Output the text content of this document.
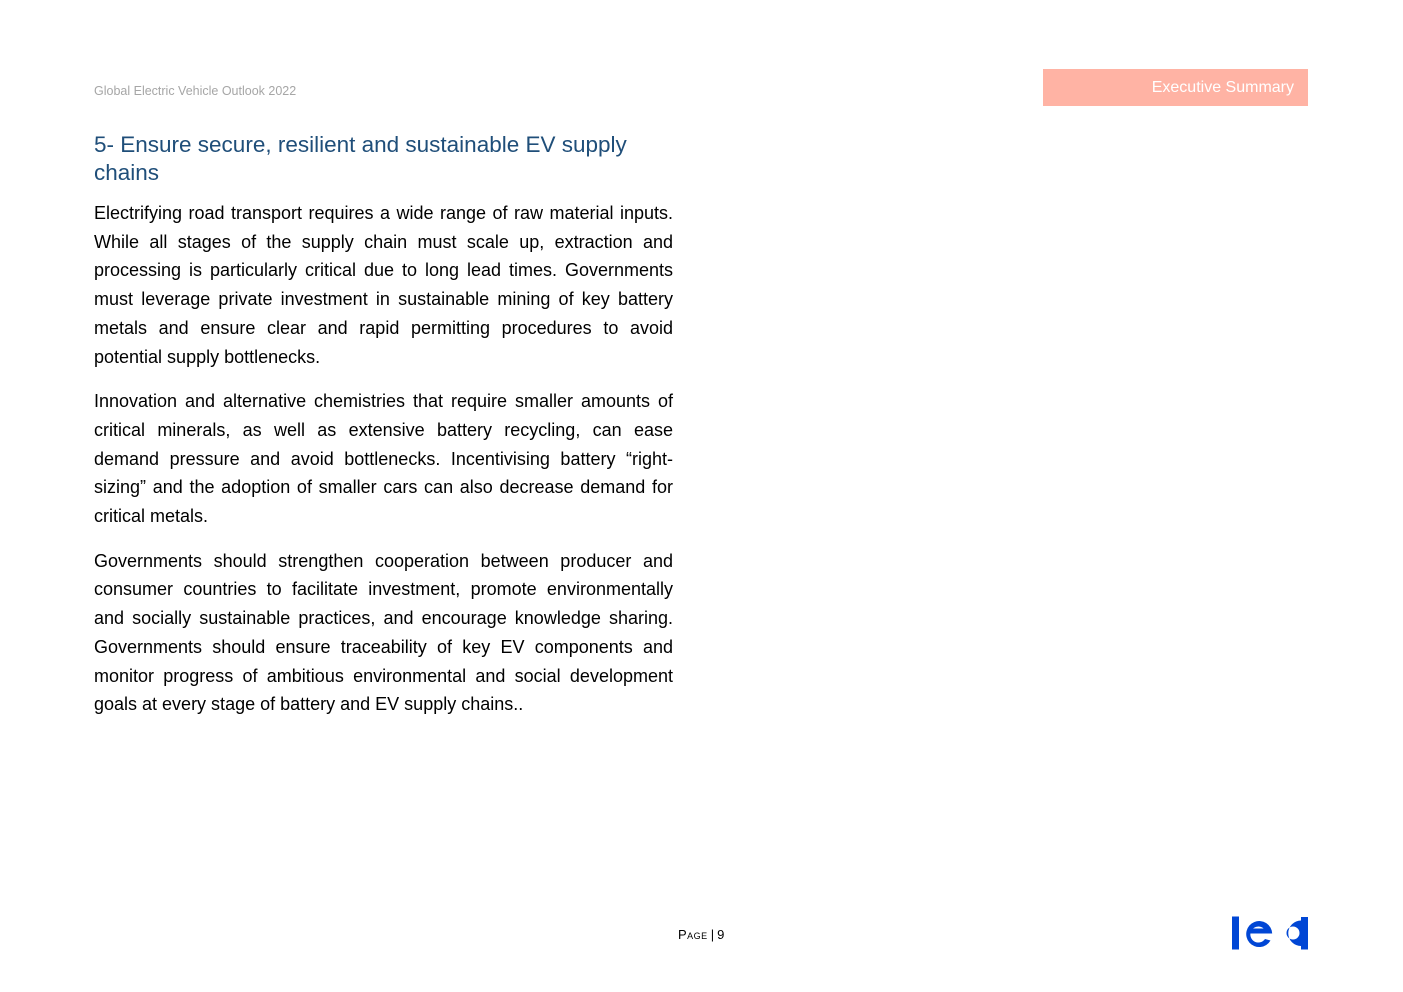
Global Electric Vehicle Outlook 2022	Executive Summary
5- Ensure secure, resilient and sustainable EV supply chains

Electrifying road transport requires a wide range of raw material inputs. While all stages of the supply chain must scale up, extraction and processing is particularly critical due to long lead times. Governments must leverage private investment in sustainable mining of key battery metals and ensure clear and rapid permitting procedures to avoid potential supply bottlenecks.

Innovation and alternative chemistries that require smaller amounts of critical minerals, as well as extensive battery recycling, can ease demand pressure and avoid bottlenecks. Incentivising battery “right-sizing” and the adoption of smaller cars can also decrease demand for critical metals.

Governments should strengthen cooperation between producer and consumer countries to facilitate investment, promote environmentally and socially sustainable practices, and encourage knowledge sharing. Governments should ensure traceability of key EV components and monitor progress of ambitious environmental and social development goals at every stage of battery and EV supply chains..

Page | 9
